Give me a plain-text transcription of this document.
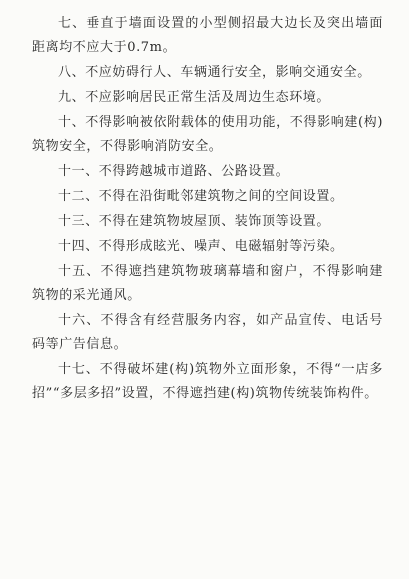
七、垂直于墙面设置的小型侧招最大边长及突出墙面距离均不应大于0.7m。

八、不应妨碍行人、车辆通行安全，影响交通安全。

九、不应影响居民正常生活及周边生态环境。

十、不得影响被依附载体的使用功能，不得影响建(构)筑物安全，不得影响消防安全。

十一、不得跨越城市道路、公路设置。

十二、不得在沿街毗邻建筑物之间的空间设置。

十三、不得在建筑物坡屋顶、装饰顶等设置。

十四、不得形成眩光、噪声、电磁辐射等污染。

十五、不得遮挡建筑物玻璃幕墙和窗户，不得影响建筑物的采光通风。

十六、不得含有经营服务内容，如产品宣传、电话号码等广告信息。

十七、不得破坏建(构)筑物外立面形象，不得“一店多招”“多层多招”设置，不得遮挡建(构)筑物传统装饰构件。
